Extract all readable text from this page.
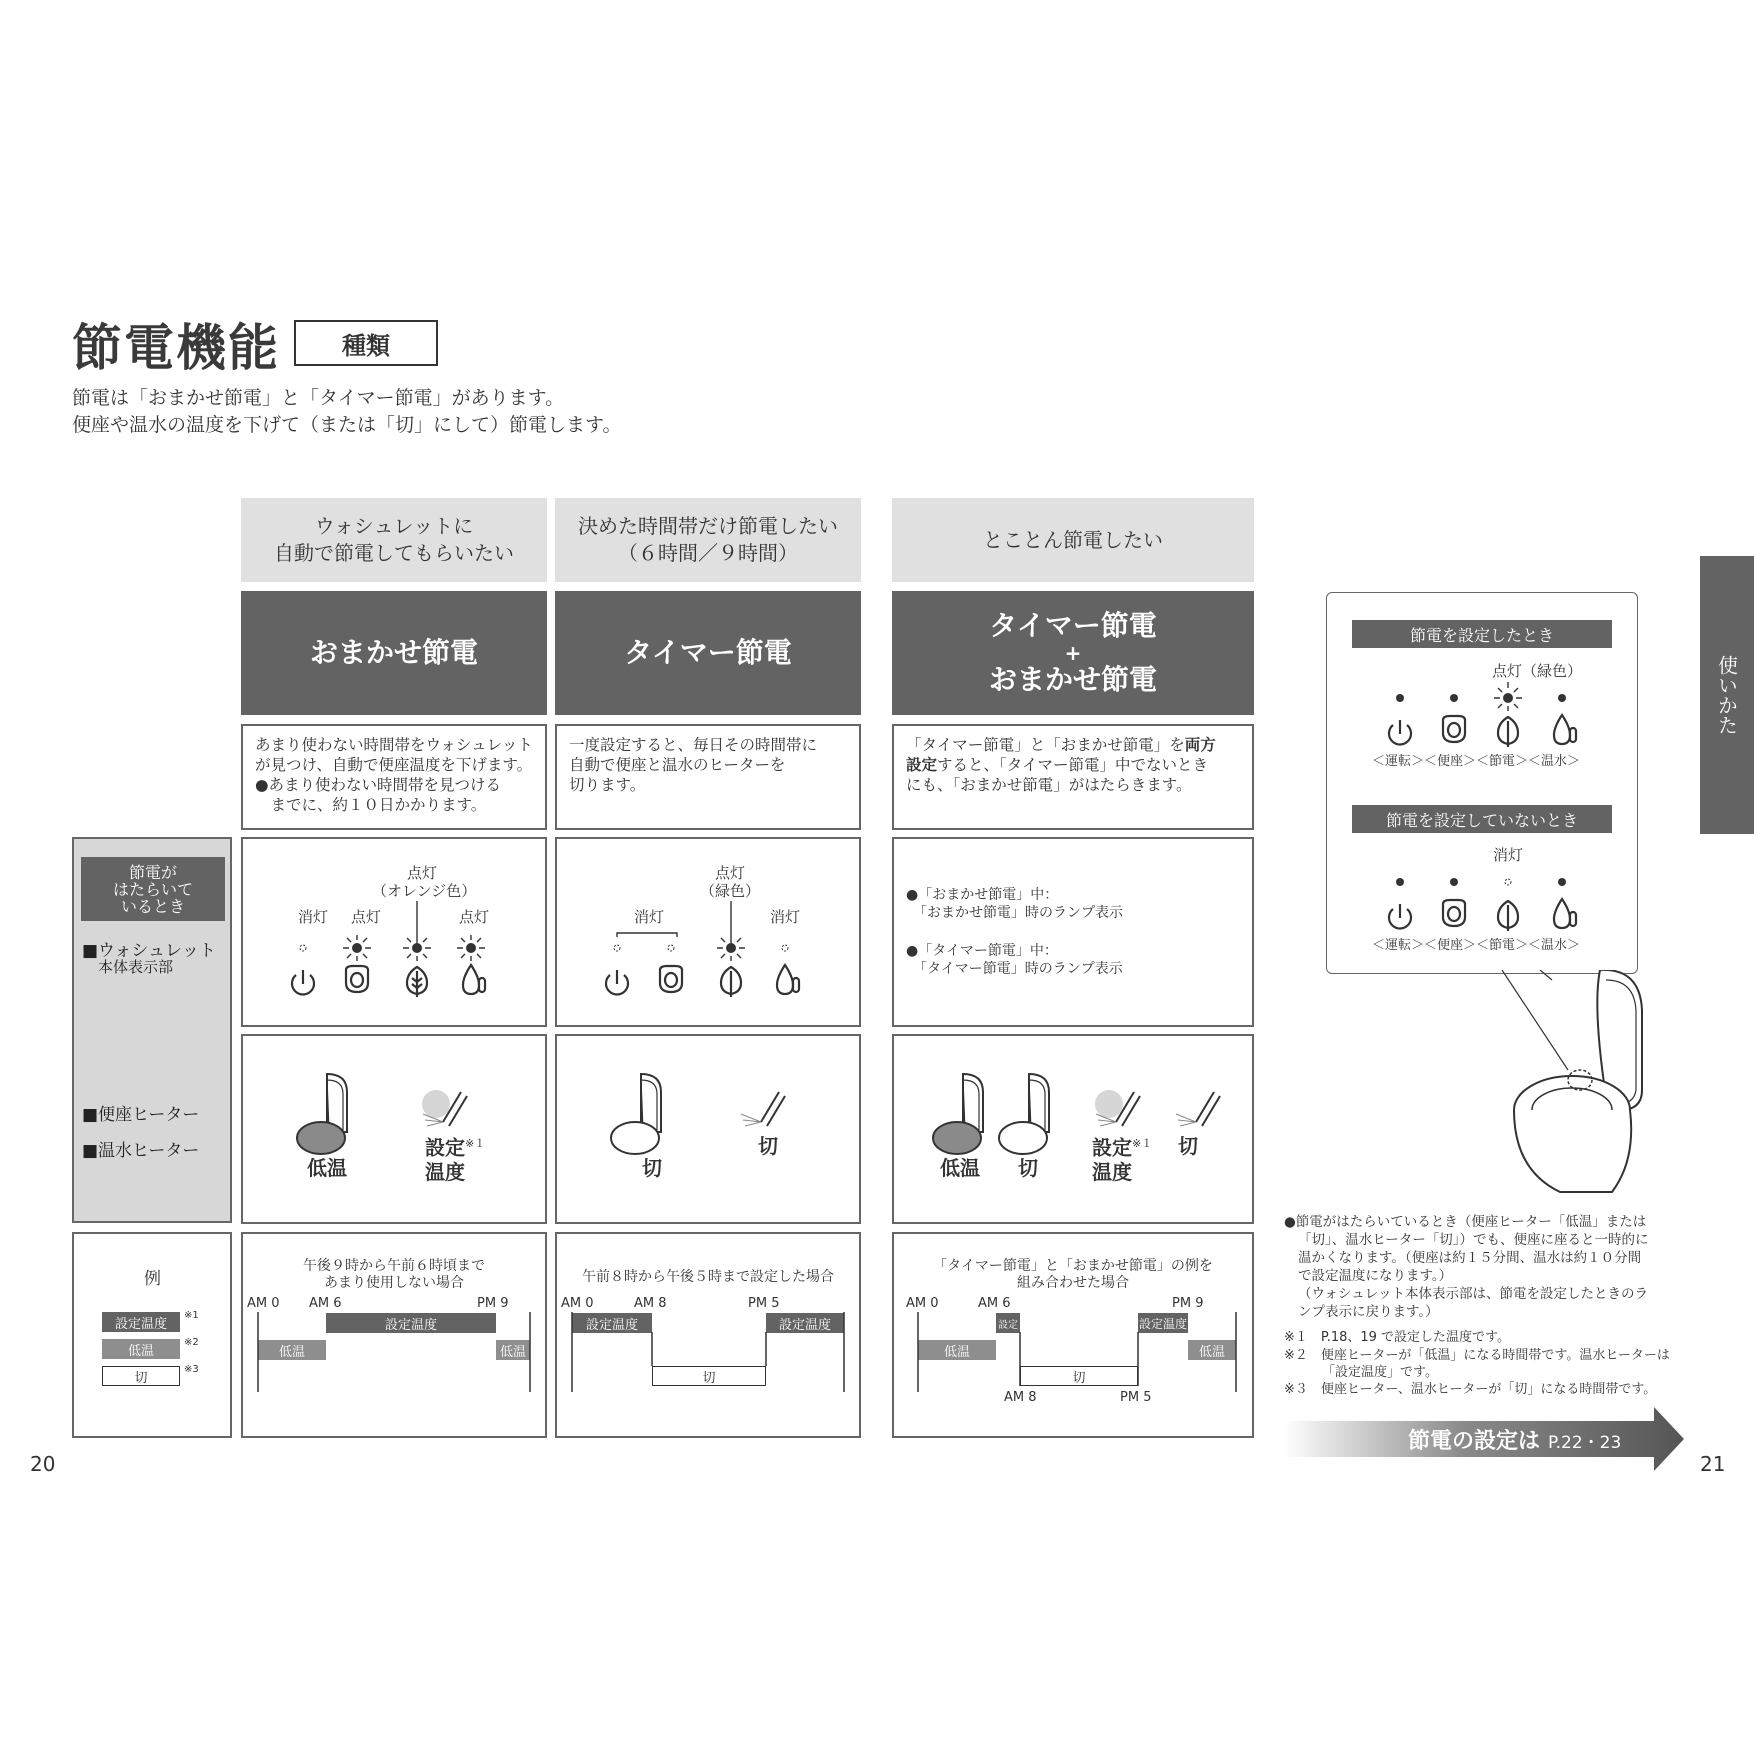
節電機能	種類
節電は「おまかせ節電」と「タイマー節電」があります。
便座や温水の温度を下げて（または「切」にして）節電します。
ウォシュレットに
自動で節電してもらいたい
決めた時間帯だけ節電したい
（６時間／９時間）
とことん節電したい
おまかせ節電	タイマー節電
タイマー節電
+
おまかせ節電
あまり使わない時間帯をウォシュレット
が見つけ、自動で便座温度を下げます。
●あまり使わない時間帯を見つける
　までに、約１０日かかります。
一度設定すると、毎日その時間帯に
自動で便座と温水のヒーターを
切ります。
「タイマー節電」と「おまかせ節電」を両方
設定すると、「タイマー節電」中でないとき
にも、「おまかせ節電」がはたらきます。
節電が
はたらいて
いるとき
■ウォシュレット
本体表示部
■便座ヒーター
■温水ヒーター
点灯
（オレンジ色）
消灯	点灯	点灯
点灯
（緑色）
消灯	消灯
●「おまかせ節電」中：
　「おまかせ節電」時のランプ表示
●「タイマー節電」中：
　「タイマー節電」時のランプ表示
低温
設定$^{※1}$
温度	切
切
低温 切
設定$^{※1}$
温度
切
例
設定温度
※1
低温
※2
切
※3
午後９時から午前６時頃まで
あまり使用しない場合
AM 0 AM 6	PM 9
低温
設定温度
低温
午前８時から午後５時まで設定した場合
AM 0	AM 8	PM 5
設定温度
切
設定温度
「タイマー節電」と「おまかせ節電」の例を
組み合わせた場合
AM 0	AM 6	PM 9
AM 8	PM 5
低温
設定
切
設定温度
低温
節電を設定したとき
点灯（緑色）
＜運転＞＜便座＞＜節電＞＜温水＞
節電を設定していないとき
消灯
＜運転＞＜便座＞＜節電＞＜温水＞
●節電がはたらいているとき（便座ヒーター「低温」または
「切」、温水ヒーター「切」）でも、便座に座ると一時的に
温かくなります。（便座は約１５分間、温水は約１０分間
で設定温度になります。）
（ウォシュレット本体表示部は、節電を設定したときのラ
ンプ表示に戻ります。）
※１　P.18、19 で設定した温度です。
※２　便座ヒーターが「低温」になる時間帯です。温水ヒーターは
「設定温度」です。
※３　便座ヒーター、温水ヒーターが「切」になる時間帯です。
節電の設定は P.22・23
使いかた
20	21
